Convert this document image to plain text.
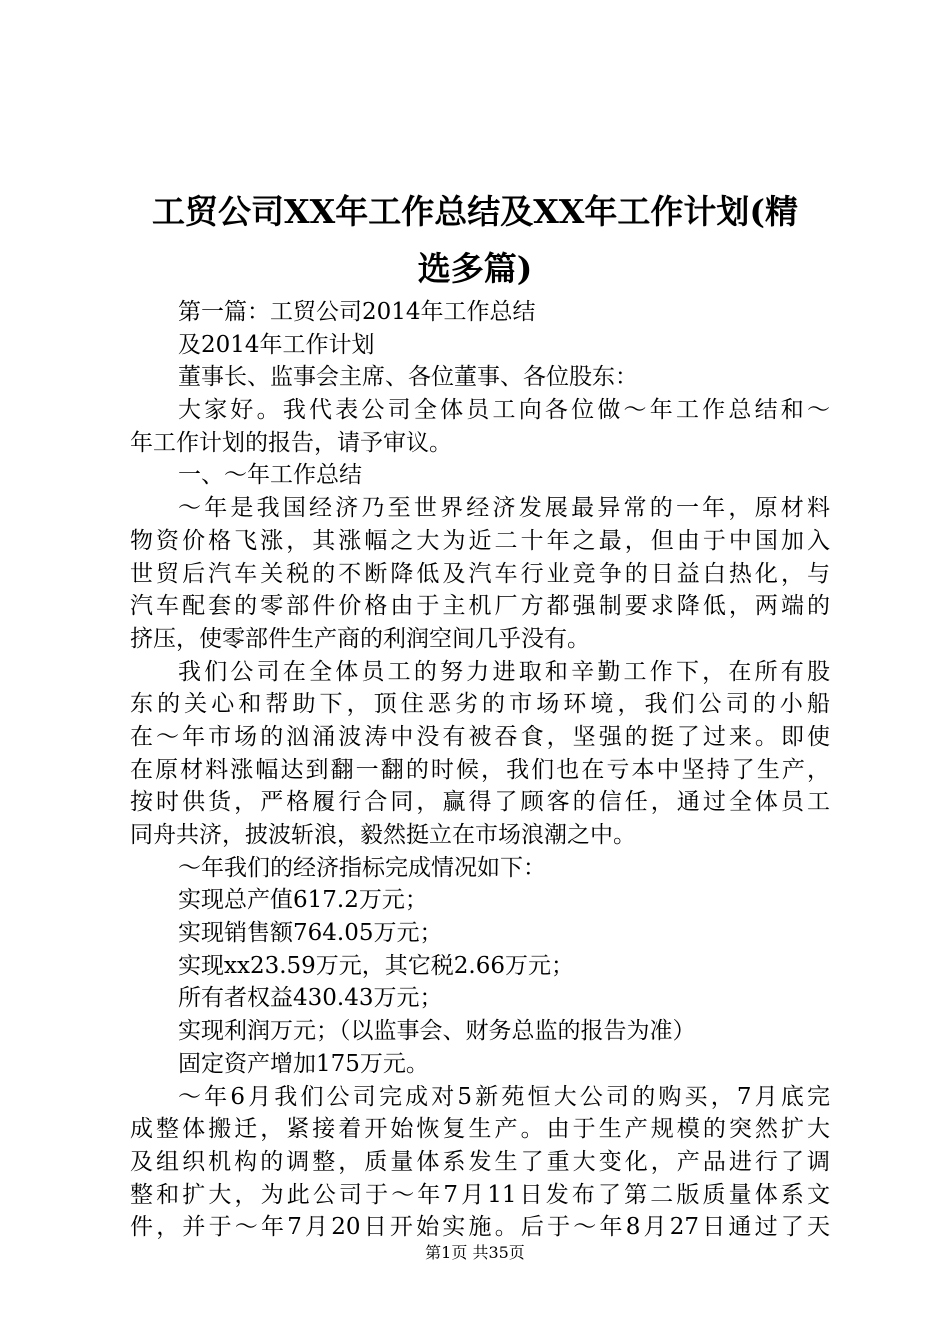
工贸公司XX年工作总结及XX年工作计划(精
选多篇)
第一篇：工贸公司2014年工作总结
及2014年工作计划
董事长、监事会主席、各位董事、各位股东：
大家好。我代表公司全体员工向各位做～年工作总结和～
年工作计划的报告，请予审议。
一、～年工作总结
～年是我国经济乃至世界经济发展最异常的一年，原材料
物资价格飞涨，其涨幅之大为近二十年之最，但由于中国加入
世贸后汽车关税的不断降低及汽车行业竞争的日益白热化，与
汽车配套的零部件价格由于主机厂方都强制要求降低，两端的
挤压，使零部件生产商的利润空间几乎没有。
我们公司在全体员工的努力进取和辛勤工作下，在所有股
东的关心和帮助下，顶住恶劣的市场环境，我们公司的小船
在～年市场的汹涌波涛中没有被吞食，坚强的挺了过来。即使
在原材料涨幅达到翻一翻的时候，我们也在亏本中坚持了生产，
按时供货，严格履行合同，赢得了顾客的信任，通过全体员工
同舟共济，披波斩浪，毅然挺立在市场浪潮之中。
～年我们的经济指标完成情况如下：
实现总产值617.2万元；
实现销售额764.05万元；
实现xx23.59万元，其它税2.66万元；
所有者权益430.43万元；
实现利润万元；（以监事会、财务总监的报告为准）
固定资产增加175万元。
～年6月我们公司完成对5新苑恒大公司的购买，7月底完
成整体搬迁，紧接着开始恢复生产。由于生产规模的突然扩大
及组织机构的调整，质量体系发生了重大变化，产品进行了调
整和扩大，为此公司于～年7月11日发布了第二版质量体系文
件，并于～年7月20日开始实施。后于～年8月27日通过了天
第1页 共35页
